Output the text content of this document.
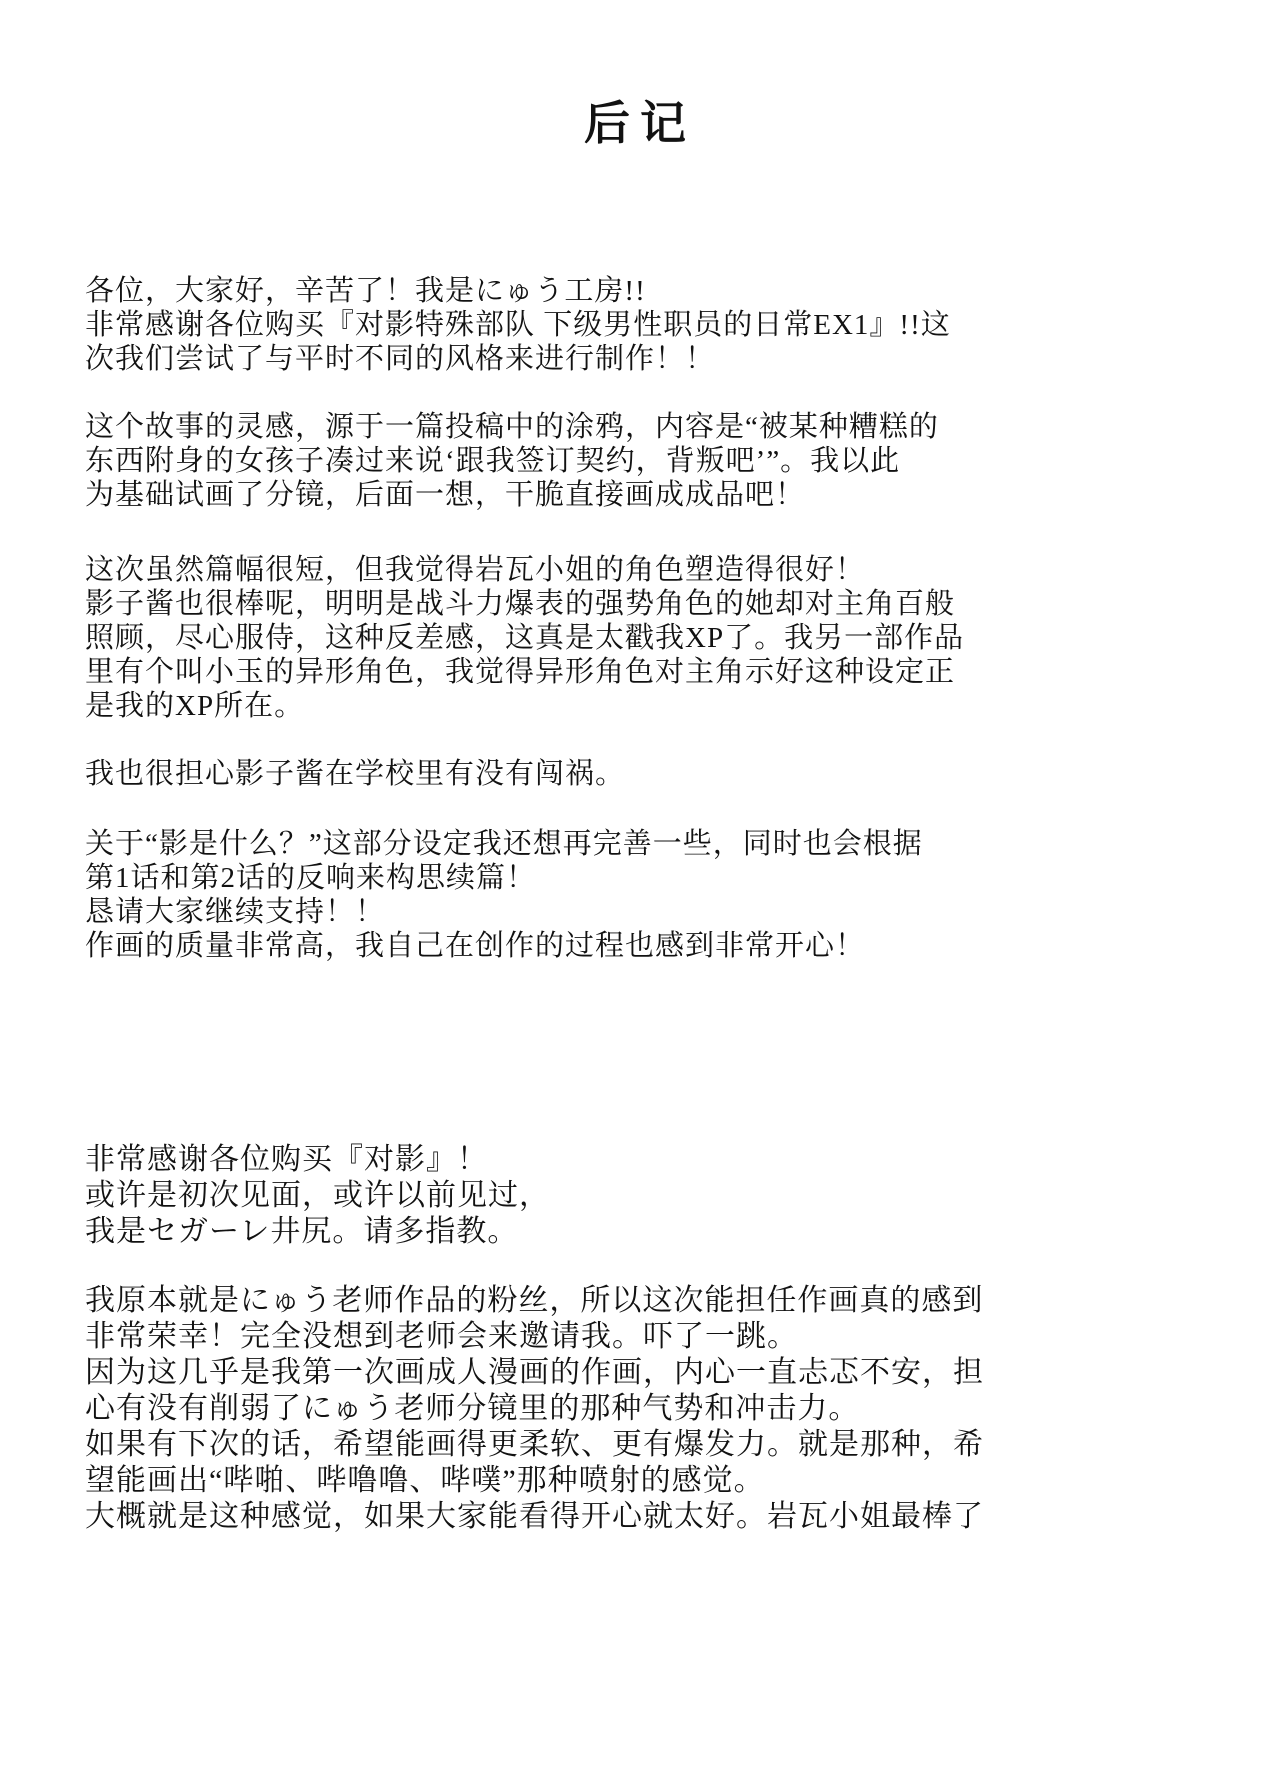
后记
各位，大家好，辛苦了！我是にゅう工房!!
非常感谢各位购买『对影特殊部队 下级男性职员的日常EX1』!!这
次我们尝试了与平时不同的风格来进行制作！！
这个故事的灵感，源于一篇投稿中的涂鸦，内容是“被某种糟糕的
东西附身的女孩子凑过来说‘跟我签订契约，背叛吧’”。我以此
为基础试画了分镜，后面一想，干脆直接画成成品吧！
这次虽然篇幅很短，但我觉得岩瓦小姐的角色塑造得很好！
影子酱也很棒呢，明明是战斗力爆表的强势角色的她却对主角百般
照顾，尽心服侍，这种反差感，这真是太戳我XP了。我另一部作品
里有个叫小玉的异形角色，我觉得异形角色对主角示好这种设定正
是我的XP所在。
我也很担心影子酱在学校里有没有闯祸。
关于“影是什么？”这部分设定我还想再完善一些，同时也会根据
第1话和第2话的反响来构思续篇！
恳请大家继续支持！！
作画的质量非常高，我自己在创作的过程也感到非常开心！
非常感谢各位购买『对影』！
或许是初次见面，或许以前见过，
我是セガーレ井尻。请多指教。
我原本就是にゅう老师作品的粉丝，所以这次能担任作画真的感到
非常荣幸！完全没想到老师会来邀请我。吓了一跳。
因为这几乎是我第一次画成人漫画的作画，内心一直忐忑不安，担
心有没有削弱了にゅう老师分镜里的那种气势和冲击力。
如果有下次的话，希望能画得更柔软、更有爆发力。就是那种，希
望能画出“哔啪、哔噜噜、哔噗”那种喷射的感觉。
大概就是这种感觉，如果大家能看得开心就太好。岩瓦小姐最棒了
